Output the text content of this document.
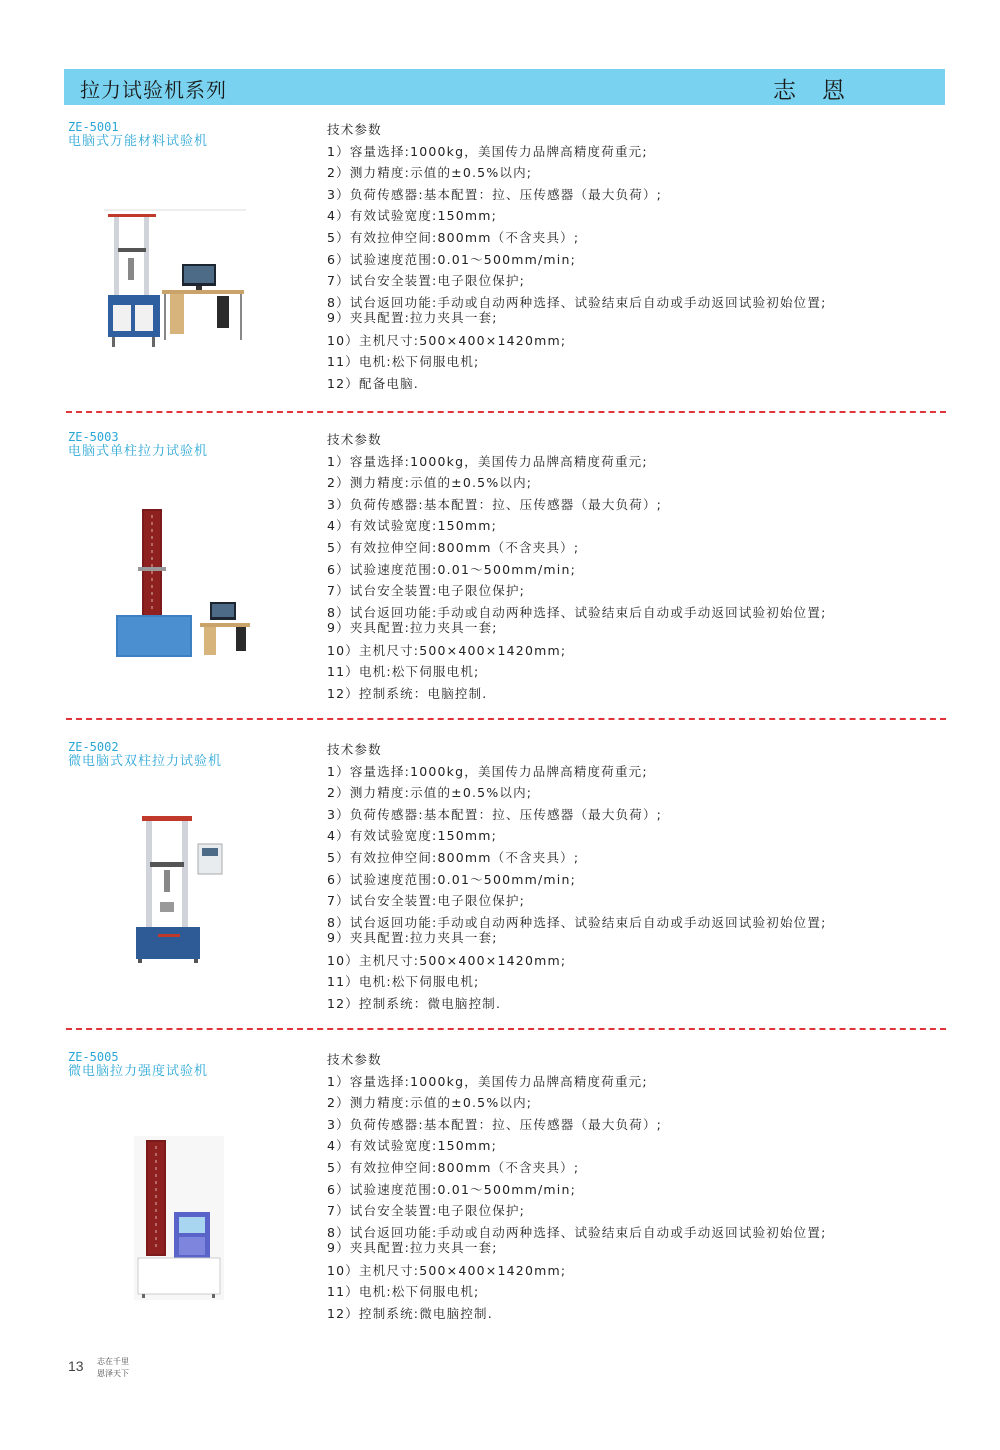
拉力试验机系列	志恩
ZE-5001
电脑式万能材料试验机
技术参数
1）容量选择:1000kg，美国传力品牌高精度荷重元;
2）测力精度:示值的±0.5%以内;
3）负荷传感器:基本配置：拉、压传感器（最大负荷）;
4）有效试验宽度:150mm;
5）有效拉伸空间:800mm（不含夹具）;
6）试验速度范围:0.01～500mm/min;
7）试台安全装置:电子限位保护;
8）试台返回功能:手动或自动两种选择、试验结束后自动或手动返回试验初始位置;
9）夹具配置:拉力夹具一套;
10）主机尺寸:500×400×1420mm;
11）电机:松下伺服电机;
12）配备电脑.
ZE-5003
电脑式单柱拉力试验机
技术参数
1）容量选择:1000kg，美国传力品牌高精度荷重元;
2）测力精度:示值的±0.5%以内;
3）负荷传感器:基本配置：拉、压传感器（最大负荷）;
4）有效试验宽度:150mm;
5）有效拉伸空间:800mm（不含夹具）;
6）试验速度范围:0.01～500mm/min;
7）试台安全装置:电子限位保护;
8）试台返回功能:手动或自动两种选择、试验结束后自动或手动返回试验初始位置;
9）夹具配置:拉力夹具一套;
10）主机尺寸:500×400×1420mm;
11）电机:松下伺服电机;
12）控制系统：电脑控制.
ZE-5002
微电脑式双柱拉力试验机
技术参数
1）容量选择:1000kg，美国传力品牌高精度荷重元;
2）测力精度:示值的±0.5%以内;
3）负荷传感器:基本配置：拉、压传感器（最大负荷）;
4）有效试验宽度:150mm;
5）有效拉伸空间:800mm（不含夹具）;
6）试验速度范围:0.01～500mm/min;
7）试台安全装置:电子限位保护;
8）试台返回功能:手动或自动两种选择、试验结束后自动或手动返回试验初始位置;
9）夹具配置:拉力夹具一套;
10）主机尺寸:500×400×1420mm;
11）电机:松下伺服电机;
12）控制系统：微电脑控制.
ZE-5005
微电脑拉力强度试验机
技术参数
1）容量选择:1000kg，美国传力品牌高精度荷重元;
2）测力精度:示值的±0.5%以内;
3）负荷传感器:基本配置：拉、压传感器（最大负荷）;
4）有效试验宽度:150mm;
5）有效拉伸空间:800mm（不含夹具）;
6）试验速度范围:0.01～500mm/min;
7）试台安全装置:电子限位保护;
8）试台返回功能:手动或自动两种选择、试验结束后自动或手动返回试验初始位置;
9）夹具配置:拉力夹具一套;
10）主机尺寸:500×400×1420mm;
11）电机:松下伺服电机;
12）控制系统:微电脑控制.
13 志在千里
恩泽天下
